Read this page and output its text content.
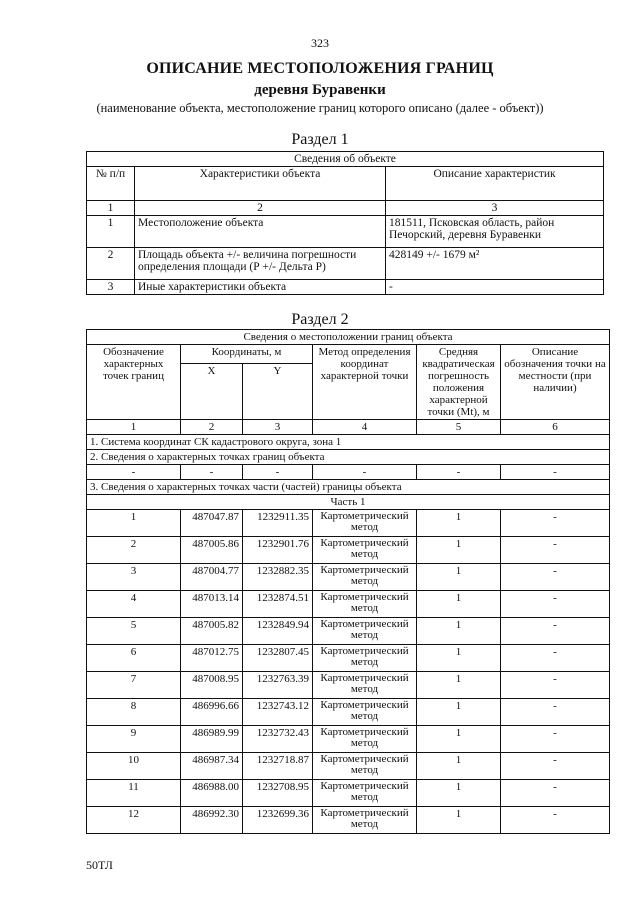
323
ОПИСАНИЕ МЕСТОПОЛОЖЕНИЯ ГРАНИЦ
деревня Буравенки
(наименование объекта, местоположение границ которого описано (далее - объект))
Раздел 1
Сведения об объекте		
№ п/п	Характеристики объекта	Описание характеристик
1	2	3
1	Местоположение объекта	181511, Псковская область, район Печорский, деревня Буравенки
2	Площадь объекта +/- величина погрешности определения площади (Р +/- Дельта Р)	428149 +/- 1679 м²
3	Иные характеристики объекта	-
Раздел 2
Сведения о местоположении границ объекта					
Обозначение характерных точек границ	Координаты, м		Метод определения координат характерной точки	Средняя квадратическая погрешность положения характерной точки (Mt), м	Описание обозначения точки на местности (при наличии)
	X	Y			
1	2	3	4	5	6
1. Система координат СК кадастрового округа, зона 1					
2. Сведения о характерных точках границ объекта					
-	-	-	-	-	-
3. Сведения о характерных точках части (частей) границы объекта					
Часть 1					
1	487047.87	1232911.35	Картометрический метод	1	-
2	487005.86	1232901.76	Картометрический метод	1	-
3	487004.77	1232882.35	Картометрический метод	1	-
4	487013.14	1232874.51	Картометрический метод	1	-
5	487005.82	1232849.94	Картометрический метод	1	-
6	487012.75	1232807.45	Картометрический метод	1	-
7	487008.95	1232763.39	Картометрический метод	1	-
8	486996.66	1232743.12	Картометрический метод	1	-
9	486989.99	1232732.43	Картометрический метод	1	-
10	486987.34	1232718.87	Картометрический метод	1	-
11	486988.00	1232708.95	Картометрический метод	1	-
12	486992.30	1232699.36	Картометрический метод	1	-
50ТЛ
